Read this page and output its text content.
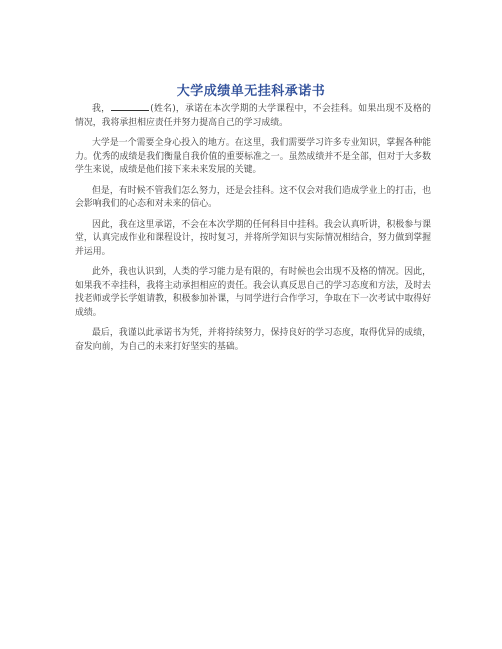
大学成绩单无挂科承诺书

我，	(姓名)，承诺在本次学期的大学课程中，不会挂科。如果出现不及格的情况，我将承担相应责任并努力提高自己的学习成绩。

大学是一个需要全身心投入的地方。在这里，我们需要学习许多专业知识，掌握各种能力。优秀的成绩是我们衡量自我价值的重要标准之一。虽然成绩并不是全部，但对于大多数学生来说，成绩是他们接下来未来发展的关键。

但是，有时候不管我们怎么努力，还是会挂科。这不仅会对我们造成学业上的打击，也会影响我们的心态和对未来的信心。

因此，我在这里承诺，不会在本次学期的任何科目中挂科。我会认真听讲，积极参与课堂，认真完成作业和课程设计，按时复习，并将所学知识与实际情况相结合，努力做到掌握并运用。

此外，我也认识到，人类的学习能力是有限的，有时候也会出现不及格的情况。因此，如果我不幸挂科，我将主动承担相应的责任。我会认真反思自己的学习态度和方法，及时去找老师或学长学姐请教，积极参加补课，与同学进行合作学习，争取在下一次考试中取得好成绩。

最后，我谨以此承诺书为凭，并将持续努力，保持良好的学习态度，取得优异的成绩，奋发向前，为自己的未来打好坚实的基础。
